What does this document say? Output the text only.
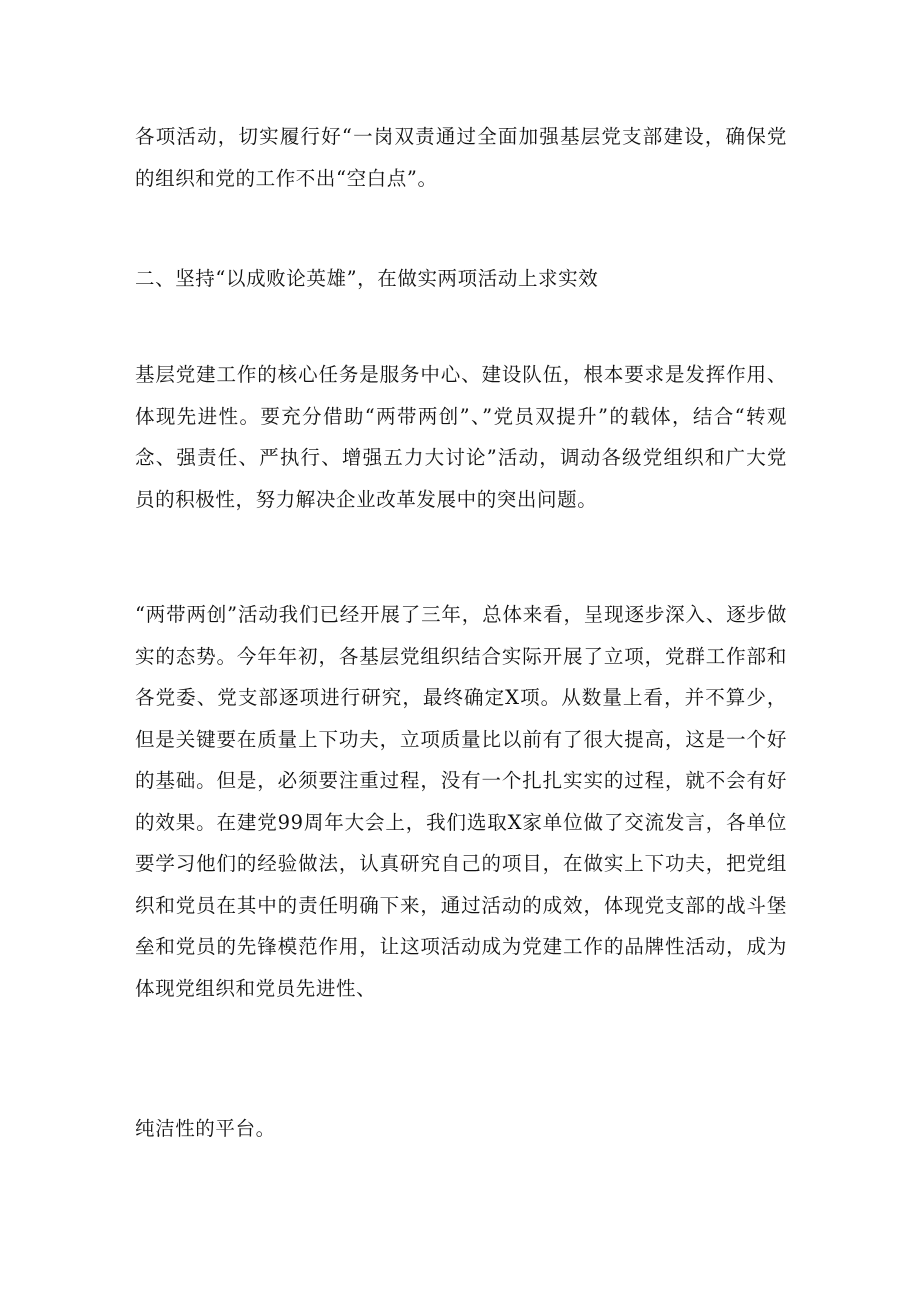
各项活动，切实履行好“一岗双责通过全面加强基层党支部建设，确保党的组织和党的工作不出“空白点”。

二、坚持“以成败论英雄”，在做实两项活动上求实效

基层党建工作的核心任务是服务中心、建设队伍，根本要求是发挥作用、体现先进性。要充分借助“两带两创”、”党员双提升”的载体，结合“转观念、强责任、严执行、增强五力大讨论”活动，调动各级党组织和广大党员的积极性，努力解决企业改革发展中的突出问题。

“两带两创”活动我们已经开展了三年，总体来看，呈现逐步深入、逐步做实的态势。今年年初，各基层党组织结合实际开展了立项，党群工作部和各党委、党支部逐项进行研究，最终确定X项。从数量上看，并不算少，但是关键要在质量上下功夫，立项质量比以前有了很大提高，这是一个好的基础。但是，必须要注重过程，没有一个扎扎实实的过程，就不会有好的效果。在建党99周年大会上，我们选取X家单位做了交流发言，各单位要学习他们的经验做法，认真研究自己的项目，在做实上下功夫，把党组织和党员在其中的责任明确下来，通过活动的成效，体现党支部的战斗堡垒和党员的先锋模范作用，让这项活动成为党建工作的品牌性活动，成为体现党组织和党员先进性、

纯洁性的平台。
